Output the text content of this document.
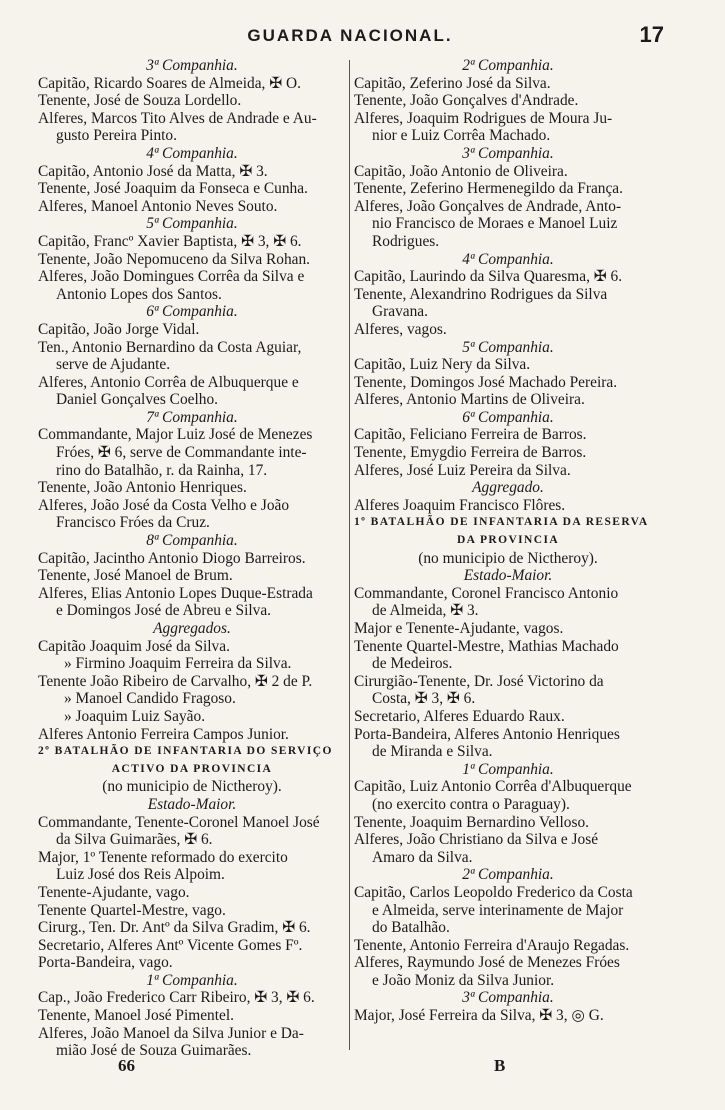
GUARDA NACIONAL.	17
3ª Companhia.
Capitão, Ricardo Soares de Almeida, ✠ O.
Tenente, José de Souza Lordello.
Alferes, Marcos Tito Alves de Andrade e Au-
gusto Pereira Pinto.
4ª Companhia.
Capitão, Antonio José da Matta, ✠ 3.
Tenente, José Joaquim da Fonseca e Cunha.
Alferes, Manoel Antonio Neves Souto.
5ª Companhia.
Capitão, Francº Xavier Baptista, ✠ 3, ✠ 6.
Tenente, João Nepomuceno da Silva Rohan.
Alferes, João Domingues Corrêa da Silva e
Antonio Lopes dos Santos.
6ª Companhia.
Capitão, João Jorge Vidal.
Ten., Antonio Bernardino da Costa Aguiar,
serve de Ajudante.
Alferes, Antonio Corrêa de Albuquerque e
Daniel Gonçalves Coelho.
7ª Companhia.
Commandante, Major Luiz José de Menezes
Fróes, ✠ 6, serve de Commandante inte-
rino do Batalhão, r. da Rainha, 17.
Tenente, João Antonio Henriques.
Alferes, João José da Costa Velho e João
Francisco Fróes da Cruz.
8ª Companhia.
Capitão, Jacintho Antonio Diogo Barreiros.
Tenente, José Manoel de Brum.
Alferes, Elias Antonio Lopes Duque-Estrada
e Domingos José de Abreu e Silva.
Aggregados.
Capitão Joaquim José da Silva.
» Firmino Joaquim Ferreira da Silva.
Tenente João Ribeiro de Carvalho, ✠ 2 de P.
» Manoel Candido Fragoso.
» Joaquim Luiz Sayão.
Alferes Antonio Ferreira Campos Junior.
2º BATALHÃO DE INFANTARIA DO SERVIÇO
ACTIVO DA PROVINCIA
(no municipio de Nictheroy).
Estado-Maior.
Commandante, Tenente-Coronel Manoel José
da Silva Guimarães, ✠ 6.
Major, 1º Tenente reformado do exercito
Luiz José dos Reis Alpoim.
Tenente-Ajudante, vago.
Tenente Quartel-Mestre, vago.
Cirurg., Ten. Dr. Antº da Silva Gradim, ✠ 6.
Secretario, Alferes Antº Vicente Gomes Fº.
Porta-Bandeira, vago.
1ª Companhia.
Cap., João Frederico Carr Ribeiro, ✠ 3, ✠ 6.
Tenente, Manoel José Pimentel.
Alferes, João Manoel da Silva Junior e Da-
mião José de Souza Guimarães.
2ª Companhia.
Capitão, Zeferino José da Silva.
Tenente, João Gonçalves d'Andrade.
Alferes, Joaquim Rodrigues de Moura Ju-
nior e Luiz Corrêa Machado.
3ª Companhia.
Capitão, João Antonio de Oliveira.
Tenente, Zeferino Hermenegildo da França.
Alferes, João Gonçalves de Andrade, Anto-
nio Francisco de Moraes e Manoel Luiz
Rodrigues.
4ª Companhia.
Capitão, Laurindo da Silva Quaresma, ✠ 6.
Tenente, Alexandrino Rodrigues da Silva
Gravana.
Alferes, vagos.
5ª Companhia.
Capitão, Luiz Nery da Silva.
Tenente, Domingos José Machado Pereira.
Alferes, Antonio Martins de Oliveira.
6ª Companhia.
Capitão, Feliciano Ferreira de Barros.
Tenente, Emygdio Ferreira de Barros.
Alferes, José Luiz Pereira da Silva.
Aggregado.
Alferes Joaquim Francisco Flôres.
1º BATALHÃO DE INFANTARIA DA RESERVA
DA PROVINCIA
(no municipio de Nictheroy).
Estado-Maior.
Commandante, Coronel Francisco Antonio
de Almeida, ✠ 3.
Major e Tenente-Ajudante, vagos.
Tenente Quartel-Mestre, Mathias Machado
de Medeiros.
Cirurgião-Tenente, Dr. José Victorino da
Costa, ✠ 3, ✠ 6.
Secretario, Alferes Eduardo Raux.
Porta-Bandeira, Alferes Antonio Henriques
de Miranda e Silva.
1ª Companhia.
Capitão, Luiz Antonio Corrêa d'Albuquerque
(no exercito contra o Paraguay).
Tenente, Joaquim Bernardino Velloso.
Alferes, João Christiano da Silva e José
Amaro da Silva.
2ª Companhia.
Capitão, Carlos Leopoldo Frederico da Costa
e Almeida, serve interinamente de Major
do Batalhão.
Tenente, Antonio Ferreira d'Araujo Regadas.
Alferes, Raymundo José de Menezes Fróes
e João Moniz da Silva Junior.
3ª Companhia.
Major, José Ferreira da Silva, ✠ 3, ◎ G.
66	B
